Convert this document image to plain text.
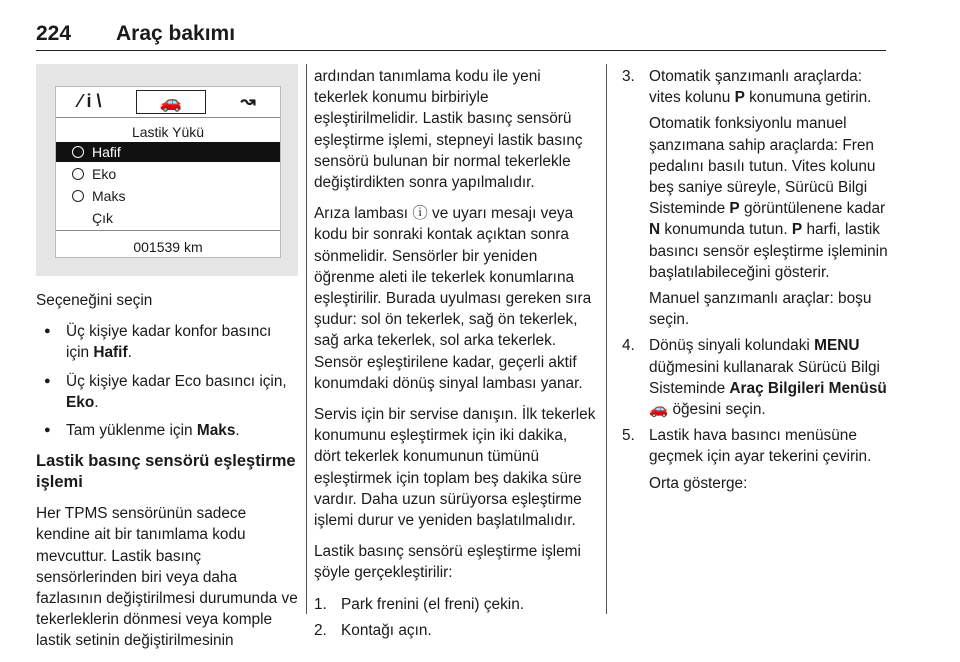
224 Araç bakımı
⁄ i \	🚗	↝
Lastik Yükü
Hafif
Eko
Maks
Çık
001539 km

Seçeneğini seçin

● Üç kişiye kadar konfor basıncı için Hafif.
● Üç kişiye kadar Eco basıncı için, Eko.
● Tam yüklenme için Maks.
Lastik basınç sensörü eşleştirme işlemi

Her TPMS sensörünün sadece kendine ait bir tanımlama kodu mevcuttur. Lastik basınç sensörlerinden biri veya daha fazlasının değiştirilmesi durumunda ve tekerleklerin dönmesi veya komple lastik setinin değiştirilmesinin

ardından tanımlama kodu ile yeni tekerlek konumu birbiriyle eşleştirilmelidir. Lastik basınç sensörü eşleştirme işlemi, stepneyi lastik basınç sensörü bulunan bir normal tekerlekle değiştirdikten sonra yapılmalıdır.

Arıza lambası ⓘ ve uyarı mesajı veya kodu bir sonraki kontak açıktan sonra sönmelidir. Sensörler bir yeniden öğrenme aleti ile tekerlek konumlarına eşleştirilir. Burada uyulması gereken sıra şudur: sol ön tekerlek, sağ ön tekerlek, sağ arka tekerlek, sol arka tekerlek. Sensör eşleştirilene kadar, geçerli aktif konumdaki dönüş sinyal lambası yanar.

Servis için bir servise danışın. İlk tekerlek konumunu eşleştirmek için iki dakika, dört tekerlek konumunun tümünü eşleştirmek için toplam beş dakika süre vardır. Daha uzun sürüyorsa eşleştirme işlemi durur ve yeniden başlatılmalıdır.

Lastik basınç sensörü eşleştirme işlemi şöyle gerçekleştirilir:

1. Park frenini (el freni) çekin.
2. Kontağı açın.
3. Otomatik şanzımanlı araçlarda: vites kolunu P konumuna getirin.

Otomatik fonksiyonlu manuel şanzımana sahip araçlarda: Fren pedalını basılı tutun. Vites kolunu beş saniye süreyle, Sürücü Bilgi Sisteminde P görüntülenene kadar N konumunda tutun. P harfi, lastik basıncı sensör eşleştirme işleminin başlatılabileceğini gösterir.

Manuel şanzımanlı araçlar: boşu seçin.

4. Dönüş sinyali kolundaki MENU düğmesini kullanarak Sürücü Bilgi Sisteminde Araç Bilgileri Menüsü 🚗 öğesini seçin.

5. Lastik hava basıncı menüsüne geçmek için ayar tekerini çevirin.

Orta gösterge:
